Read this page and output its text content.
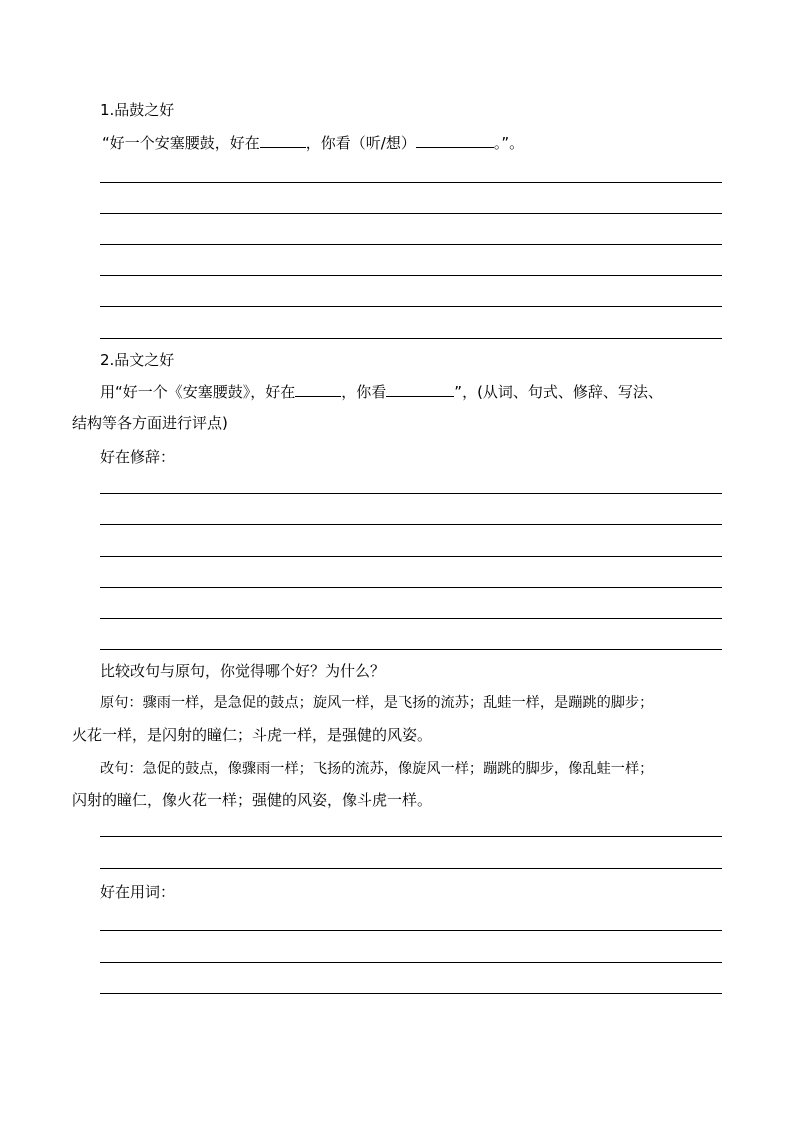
1.品鼓之好
“好一个安塞腰鼓，好在	，你看（听/想）	。”。
2.品文之好
用“好一个《安塞腰鼓》，好在	，你看	”，(从词、句式、修辞、写法、
结构等各方面进行评点)
好在修辞：
比较改句与原句，你觉得哪个好？为什么？
原句：骤雨一样，是急促的鼓点；旋风一样，是飞扬的流苏；乱蛙一样，是蹦跳的脚步；
火花一样，是闪射的瞳仁；斗虎一样，是强健的风姿。
改句：急促的鼓点，像骤雨一样；飞扬的流苏，像旋风一样；蹦跳的脚步，像乱蛙一样；
闪射的瞳仁，像火花一样；强健的风姿，像斗虎一样。
好在用词：
